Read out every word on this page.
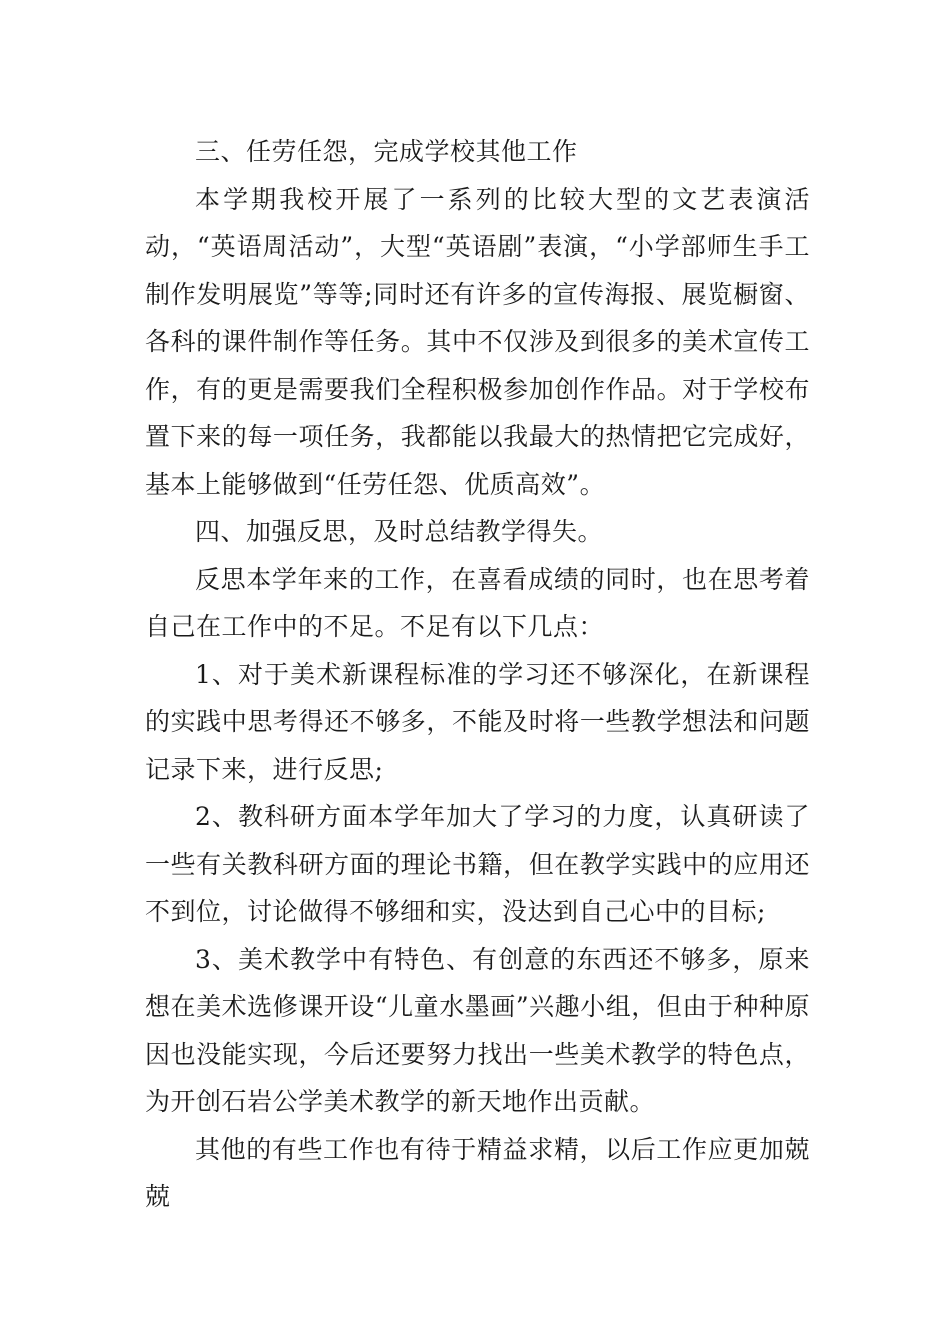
三、任劳任怨，完成学校其他工作

本学期我校开展了一系列的比较大型的文艺表演活动，“英语周活动”，大型“英语剧”表演，“小学部师生手工制作发明展览”等等;同时还有许多的宣传海报、展览橱窗、各科的课件制作等任务。其中不仅涉及到很多的美术宣传工作，有的更是需要我们全程积极参加创作作品。对于学校布置下来的每一项任务，我都能以我最大的热情把它完成好，基本上能够做到“任劳任怨、优质高效”。

四、加强反思，及时总结教学得失。

反思本学年来的工作，在喜看成绩的同时，也在思考着自己在工作中的不足。不足有以下几点：

1、对于美术新课程标准的学习还不够深化，在新课程的实践中思考得还不够多，不能及时将一些教学想法和问题记录下来，进行反思;

2、教科研方面本学年加大了学习的力度，认真研读了一些有关教科研方面的理论书籍，但在教学实践中的应用还不到位，讨论做得不够细和实，没达到自己心中的目标;

3、美术教学中有特色、有创意的东西还不够多，原来想在美术选修课开设“儿童水墨画”兴趣小组，但由于种种原因也没能实现，今后还要努力找出一些美术教学的特色点，为开创石岩公学美术教学的新天地作出贡献。

其他的有些工作也有待于精益求精，以后工作应更加兢兢
